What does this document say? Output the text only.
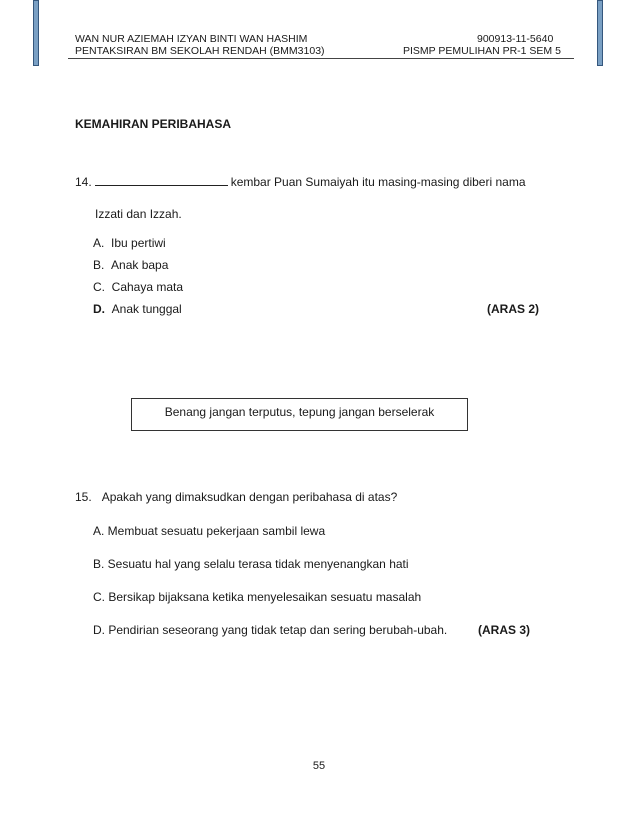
WAN NUR AZIEMAH IZYAN BINTI WAN HASHIM	900913-11-5640
PENTAKSIRAN BM SEKOLAH RENDAH (BMM3103)	PISMP PEMULIHAN PR-1 SEM 5
KEMAHIRAN PERIBAHASA
14.	kembar Puan Sumaiyah itu masing-masing diberi nama
Izzati dan Izzah.
A. Ibu pertiwi
B. Anak bapa
C. Cahaya mata
D. Anak tunggal	(ARAS 2)
Benang jangan terputus, tepung jangan berselerak
15. Apakah yang dimaksudkan dengan peribahasa di atas?
A. Membuat sesuatu pekerjaan sambil lewa
B. Sesuatu hal yang selalu terasa tidak menyenangkan hati
C. Bersikap bijaksana ketika menyelesaikan sesuatu masalah
D. Pendirian seseorang yang tidak tetap dan sering berubah-ubah.	(ARAS 3)
55
